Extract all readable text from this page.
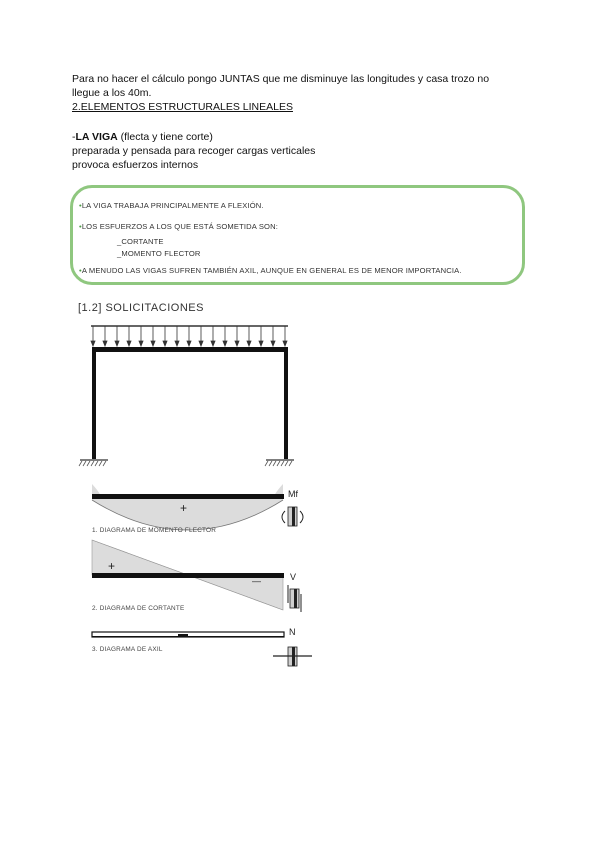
Para no hacer el cálculo pongo JUNTAS que me disminuye las longitudes y casa trozo no
llegue a los 40m.
2.ELEMENTOS ESTRUCTURALES LINEALES
-LA VIGA (flecta y tiene corte)
preparada y pensada para recoger cargas verticales
provoca esfuerzos internos
•LA VIGA TRABAJA PRINCIPALMENTE A FLEXIÓN.
•LOS ESFUERZOS A LOS QUE ESTÁ SOMETIDA SON:
_CORTANTE
_MOMENTO FLECTOR
•A MENUDO LAS VIGAS SUFREN TAMBIÉN AXIL, AUNQUE EN GENERAL ES DE MENOR IMPORTANCIA.
[1.2] SOLICITACIONES
+
Mf
1. DIAGRAMA DE MOMENTO FLECTOR
+
—	V
2. DIAGRAMA DE CORTANTE
N
3. DIAGRAMA DE AXIL
